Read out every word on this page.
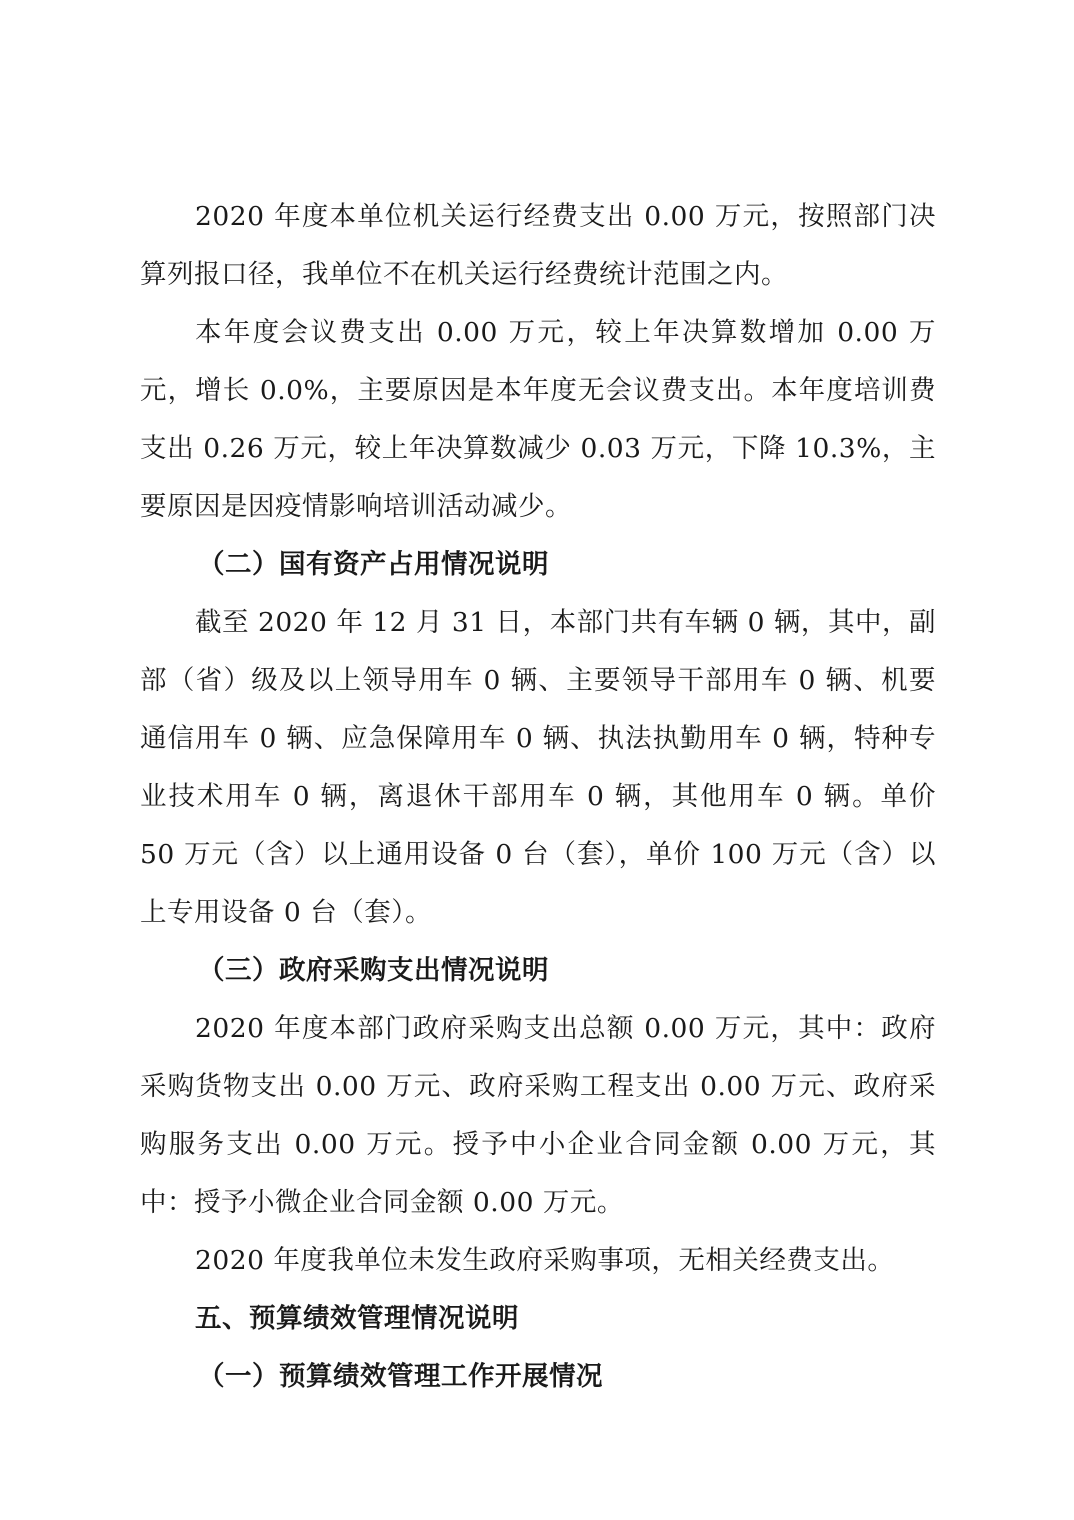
2020 年度本单位机关运行经费支出 0.00 万元，按照部门决算列报口径，我单位不在机关运行经费统计范围之内。

本年度会议费支出 0.00 万元，较上年决算数增加 0.00 万元，增长 0.0%，主要原因是本年度无会议费支出。本年度培训费支出 0.26 万元，较上年决算数减少 0.03 万元，下降 10.3%，主要原因是因疫情影响培训活动减少。

（二）国有资产占用情况说明

截至 2020 年 12 月 31 日，本部门共有车辆 0 辆，其中，副部（省）级及以上领导用车 0 辆、主要领导干部用车 0 辆、机要通信用车 0 辆、应急保障用车 0 辆、执法执勤用车 0 辆，特种专业技术用车 0 辆，离退休干部用车 0 辆，其他用车 0 辆。单价 50 万元（含）以上通用设备 0 台（套），单价 100 万元（含）以上专用设备 0 台（套）。

（三）政府采购支出情况说明

2020 年度本部门政府采购支出总额 0.00 万元，其中：政府采购货物支出 0.00 万元、政府采购工程支出 0.00 万元、政府采购服务支出 0.00 万元。授予中小企业合同金额 0.00 万元，其中：授予小微企业合同金额 0.00 万元。

2020 年度我单位未发生政府采购事项，无相关经费支出。

五、预算绩效管理情况说明

（一）预算绩效管理工作开展情况
